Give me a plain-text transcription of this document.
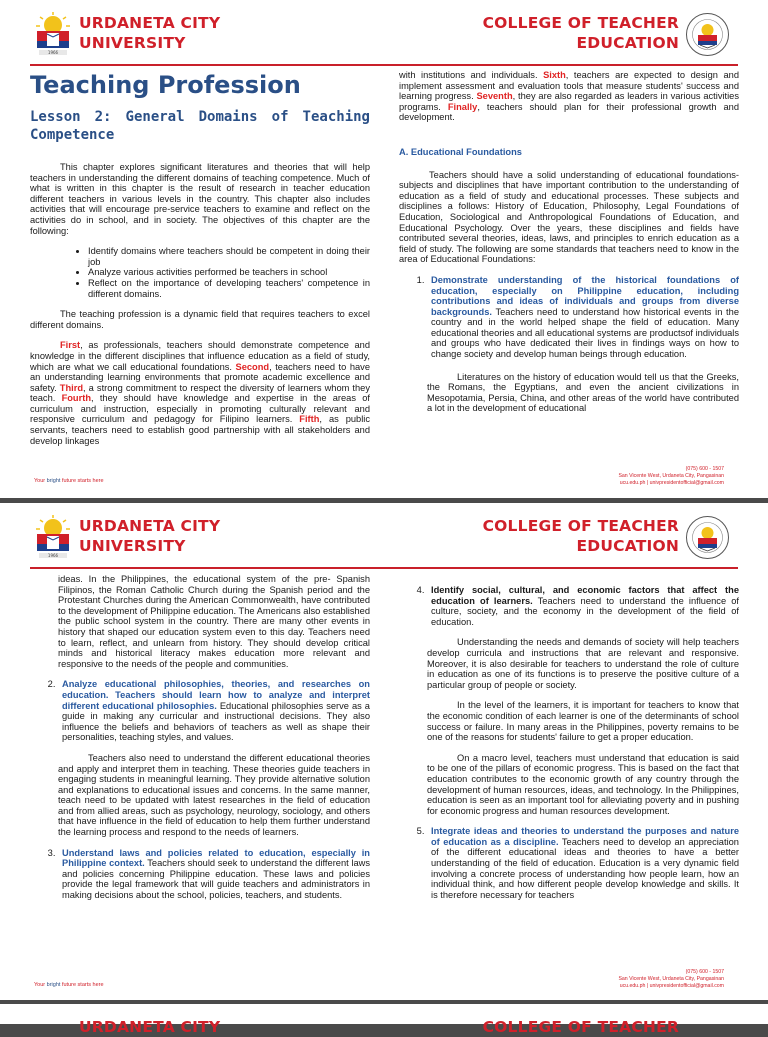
1966
URDANETA CITY
UNIVERSITY
COLLEGE OF TEACHER
EDUCATION
Teaching Profession
Lesson 2: General Domains of Teaching Competence

This chapter explores significant literatures and theories that will help teachers in understanding the different domains of teaching competence. Much of what is written in this chapter is the result of research in teacher education different teachers in various levels in the country. This chapter also includes activities that will encourage pre-service teachers to examine and reflect on the activities do in school, and in society. The objectives of this chapter are the following:

• Identify domains where teachers should be competent in doing their job
• Analyze various activities performed be teachers in school
• Reflect on the importance of developing teachers' competence in different domains.

The teaching profession is a dynamic field that requires teachers to excel different domains.

First, as professionals, teachers should demonstrate competence and knowledge in the different disciplines that influence education as a field of study, which are what we call educational foundations. Second, teachers need to have an understanding learning environments that promote academic excellence and safety. Third, a strong commitment to respect the diversity of learners whom they teach. Fourth, they should have knowledge and expertise in the areas of curriculum and instruction, especially in promoting culturally relevant and responsive curriculum and pedagogy for Filipino learners. Fifth, as public servants, teachers need to establish good partnership with all stakeholders and develop linkages

with institutions and individuals. Sixth, teachers are expected to design and implement assessment and evaluation tools that measure students' success and learning progress. Seventh, they are also regarded as leaders in various activities programs. Finally, teachers should plan for their professional growth and development.

A. Educational Foundations

Teachers should have a solid understanding of educational foundations-subjects and disciplines that have important contribution to the understanding of education as a field of study and educational processes. These subjects and disciplines a follows: History of Education, Philosophy, Legal Foundations of Education, Sociological and Anthropological Foundations of Education, and Educational Psychology. Over the years, these disciplines and fields have contributed several theories, ideas, laws, and principles to enrich education as a field of study. The following are some standards that teachers need to know in the area of Educational Foundations:

1. Demonstrate understanding of the historical foundations of education, especially on Philippine education, including contributions and ideas of individuals and groups from diverse backgrounds. Teachers need to understand how historical events in the country and in the world helped shape the field of education. Many educational theories and all educational systems are productsof individuals and groups who have dedicated their lives in findings ways on how to change society and develop human beings through education.

Literatures on the history of education would tell us that the Greeks, the Romans, the Egyptians, and even the ancient civilizations in Mesopotamia, Persia, China, and other areas of the world have contributed a lot in the development of educational

Your bright future starts here
(075) 600 - 1507
San Vicente West, Urdaneta City, Pangasinan
ucu.edu.ph | univpresidentofficial@gmail.com
1966
URDANETA CITY
UNIVERSITY
COLLEGE OF TEACHER
EDUCATION

ideas. In the Philippines, the educational system of the pre- Spanish Filipinos, the Roman Catholic Church during the Spanish period and the Protestant Churches during the American Commonwealth, have contributed to the development of Philippine education. The Americans also established the public school system in the country. There are many other events in history that shaped our education system even to this day. Teachers need to learn, reflect, and unlearn from history. They should develop critical minds and historical literacy makes education more relevant and responsive to the needs of the people and communities.

2. Analyze educational philosophies, theories, and researches on education. Teachers should learn how to analyze and interpret different educational philosophies. Educational philosophies serve as a guide in making any curricular and instructional decisions. They also influence the beliefs and behaviors of teachers as well as shape their personalities, teaching styles, and values.

Teachers also need to understand the different educational theories and apply and interpret them in teaching. These theories guide teachers in engaging students in meaningful learning. They provide alternative solution and explanations to educational issues and concerns. In the same manner, teach need to be updated with latest researches in the field of education and from allied areas, such as psychology, neurology, sociology, and others that have influence in the field of education to help them further understand the learning process and respond to the needs of learners.

3. Understand laws and policies related to education, especially in Philippine context. Teachers should seek to understand the different laws and policies concerning Philippine education. These laws and policies provide the legal framework that will guide teachers and administrators in making decisions about the school, policies, teachers, and students.
4. Identify social, cultural, and economic factors that affect the education of learners. Teachers need to understand the influence of culture, society, and the economy in the development of the field of education.

Understanding the needs and demands of society will help teachers develop curricula and instructions that are relevant and responsive. Moreover, it is also desirable for teachers to understand the role of culture in education as one of its functions is to preserve the positive culture of a particular group of people or society.

In the level of the learners, it is important for teachers to know that the economic condition of each learner is one of the determinants of school success or failure. In many areas in the Philippines, poverty remains to be one of the reasons for students' failure to get a proper education.

On a macro level, teachers must understand that education is said to be one of the pillars of economic progress. This is based on the fact that education contributes to the economic growth of any country through the development of human resources, ideas, and technology. In the Philippines, education is seen as an important tool for alleviating poverty and in pushing for economic progress and human resources development.

5. Integrate ideas and theories to understand the purposes and nature of education as a discipline. Teachers need to develop an appreciation of the different educational ideas and theories to have a better understanding of the field of education. Education is a very dynamic field involving a concrete process of understanding how people learn, how an individual think, and how different people develop knowledge and skills. It is therefore necessary for teachers
Your bright future starts here
(075) 600 - 1507
San Vicente West, Urdaneta City, Pangasinan
ucu.edu.ph | univpresidentofficial@gmail.com
URDANETA CITY	COLLEGE OF TEACHER
